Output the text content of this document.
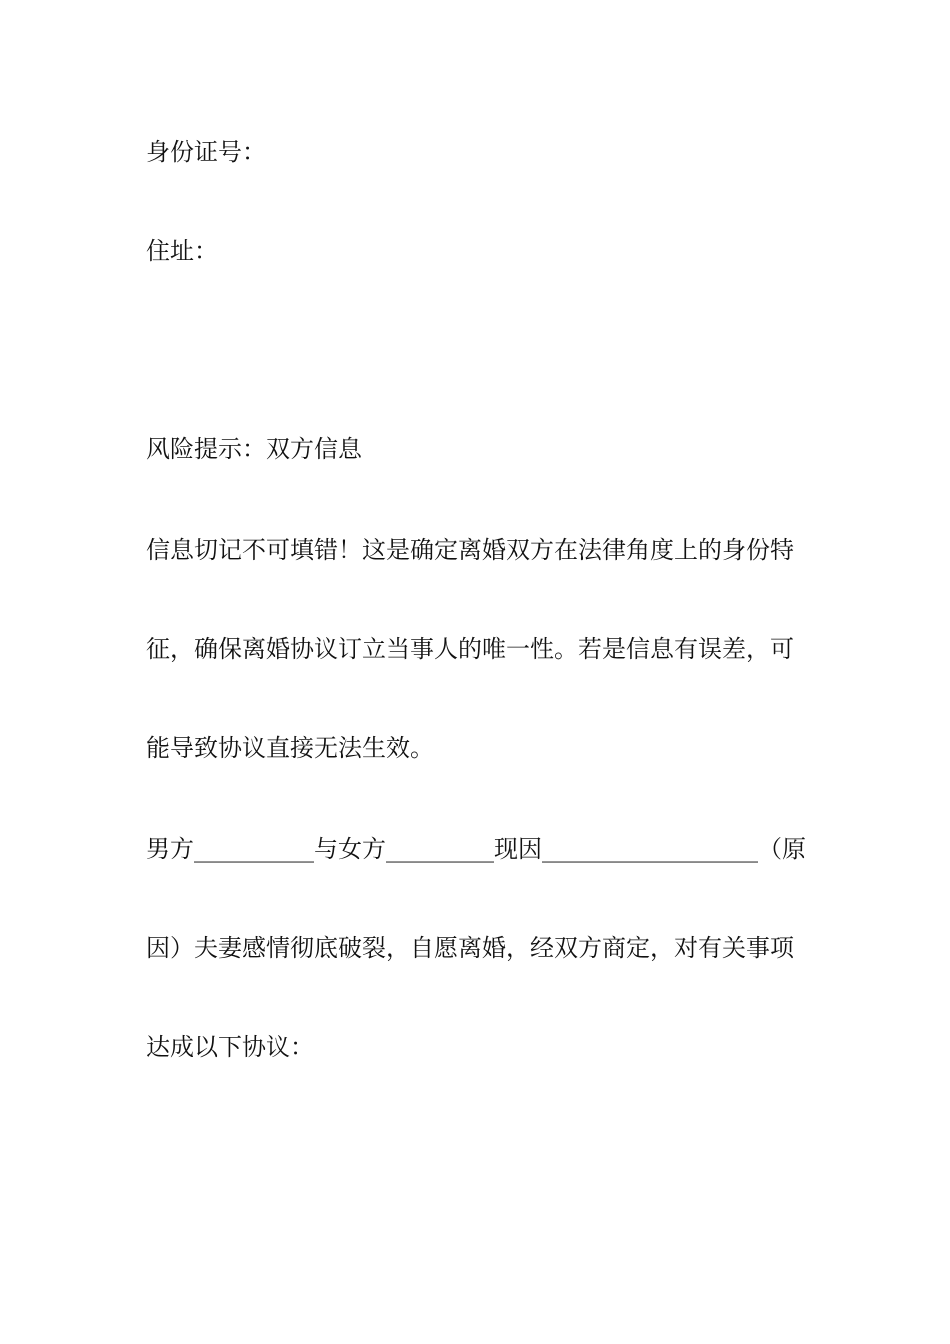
身份证号：

住址：

风险提示：双方信息

信息切记不可填错！这是确定离婚双方在法律角度上的身份特

征，确保离婚协议订立当事人的唯一性。若是信息有误差，可

能导致协议直接无法生效。

男方__________与女方_________现因__________________（原

因）夫妻感情彻底破裂，自愿离婚，经双方商定，对有关事项

达成以下协议：
